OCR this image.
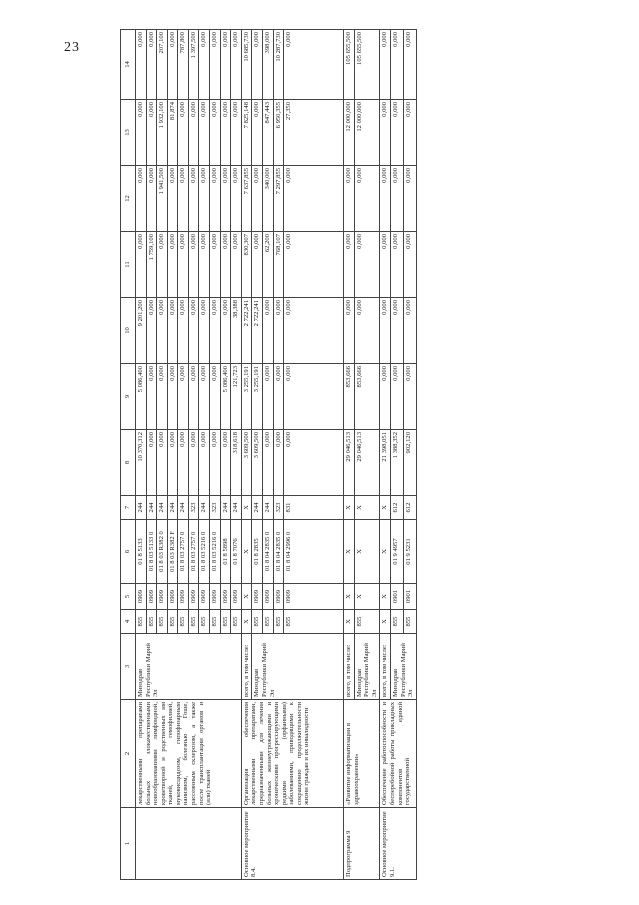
23
1	2	3	4	5	6	7	8	9	10	11	12	13	14
	лекарственными препаратами больных злокачественными новообразованиями лимфоидной, кроветворной и родственных им тканей, гемофилией, муковисцидозом, гипофизарным нанизмом, болезнью Гоше, рассеянным склерозом, а также после трансплантации органов и (или) тканей	Минздрав Республики Марий Эл	855	0909	01 8 5133	244	10 370,312	5 086,400	9 201,200	0,000	0,000	0,000	0,000
			855	0909	01 8 03 5133 0	244	0,000	0,000	0,000	1 759,100	0,000	0,000	0,000
			855	0909	01 8 03 R382 0	244	0,000	0,000	0,000	0,000	1 941,500	1 932,100	207,100
			855	0909	01 8 03 R382 F	244	0,000	0,000	0,000	0,000	0,000	81,874	0,000
			855	0909	01 8 03 2757 0	244	0,000	0,000	0,000	0,000	0,000	0,000	787,800
			855	0909	01 8 03 2757 0	323	0,000	0,000	0,000	0,000	0,000	0,000	1 397,500
			855	0909	01 8 03 5216 0	244	0,000	0,000	0,000	0,000	0,000	0,000	0,000
			855	0909	01 8 03 5216 0	323	0,000	0,000	0,000	0,000	0,000	0,000	0,000
			855	0909	01 8 5898	244	0,000	5 086,400	0,000	0,000	0,000	0,000	0,000
			855	0909	01 8 7076	244	318,618	121,723	38,388	0,000	0,000	0,000	0,000
Основное мероприятие 8.4.	Организация обеспечения лекарственными препаратами, предназначенными для лечения больных жизнеугрожающими и хроническими прогрессирующими редкими (орфанными) заболеваниями, приводящими к сокращению продолжительности жизни граждан и их инвалидности	всего, в том числе:	X	X	X	X	3 609,500	3 255,191	2 722,241	830,307	7 637,855	7 825,148	10 685,730
		Минздрав Республики Марий Эл	855	0909	01 8 2835	244	3 609,500	3 255,191	2 722,241	0,000	0,000	0,000	0,000
			855	0909	01 8 04 2835 0	244	0,000	0,000	0,000	62,200	340,000	847,443	398,000
			855	0909	01 8 04 2835 0	323	0,000	0,000	0,000	768,107	7 297,855	6 950,355	10 287,730
			855	0909	01 8 04 2996 0	831	0,000	0,000	0,000	0,000	0,000	27,350	0,000
Подпрограмма 9	«Развитие информатизации в здравоохранении»	всего, в том числе:	X	X	X	X	29 046,513	853,666	0,000	0,000	0,000	12 000,000	105 655,500
		Минздрав Республики Марий Эл	855	X	X	X	29 046,513	853,666	0,000	0,000	0,000	12 000,000	105 655,500
Основное мероприятие 9.1.	Обеспечение работоспособности и бесперебойной работы прикладных компонентов единой государственной	всего, в том числе:	X	X	X	X	21 398,051	0,000	0,000	0,000	0,000	0,000	0,000
		Минздрав Республики Марий Эл	855	0901	01 9 4957	612	1 388,352	0,000	0,000	0,000	0,000	0,000	0,000
			855	0901	01 9 5231	612	902,120	0,000	0,000	0,000	0,000	0,000	0,000
